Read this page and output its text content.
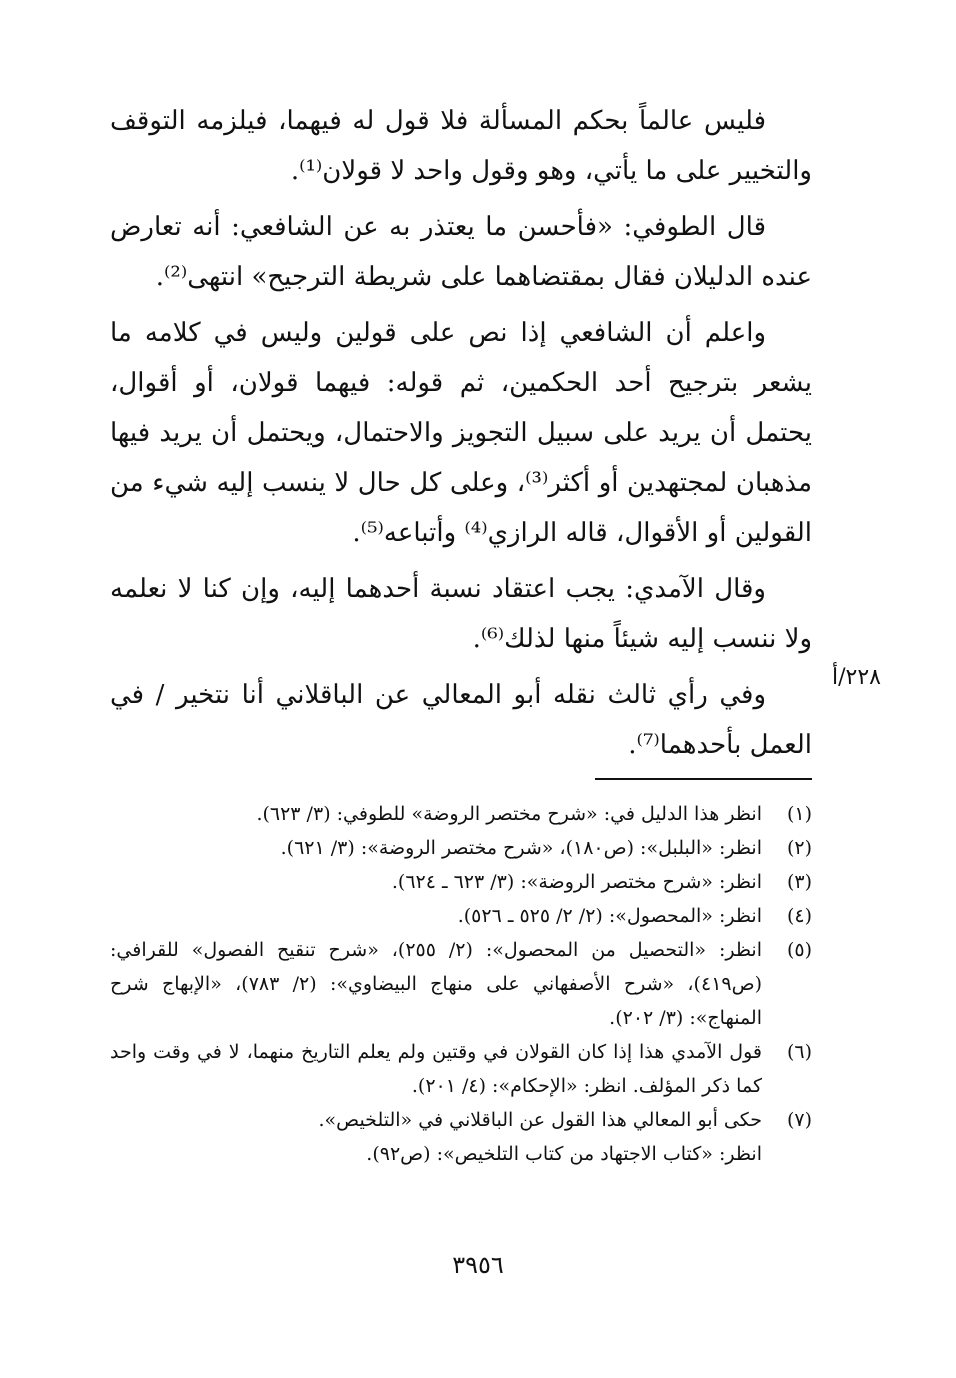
فليس عالماً بحكم المسألة فلا قول له فيهما، فيلزمه التوقف والتخيير على ما يأتي، وهو وقول واحد لا قولان⁽¹⁾.

قال الطوفي: «فأحسن ما يعتذر به عن الشافعي: أنه تعارض عنده الدليلان فقال بمقتضاهما على شريطة الترجيح» انتهى⁽²⁾.

واعلم أن الشافعي إذا نص على قولين وليس في كلامه ما يشعر بترجيح أحد الحكمين، ثم قوله: فيهما قولان، أو أقوال، يحتمل أن يريد على سبيل التجويز والاحتمال، ويحتمل أن يريد فيها مذهبان لمجتهدين أو أكثر⁽³⁾، وعلى كل حال لا ينسب إليه شيء من القولين أو الأقوال، قاله الرازي⁽⁴⁾ وأتباعه⁽⁵⁾.

وقال الآمدي: يجب اعتقاد نسبة أحدهما إليه، وإن كنا لا نعلمه ولا ننسب إليه شيئاً منها لذلك⁽⁶⁾.

وفي رأي ثالث نقله أبو المعالي عن الباقلاني أنا نتخير / في العمل بأحدهما⁽⁷⁾.

٢٢٨/أ
(١)
انظر هذا الدليل في: «شرح مختصر الروضة» للطوفي: (٣/ ٦٢٣).
(٢)
انظر: «البلبل»: (ص١٨٠)، «شرح مختصر الروضة»: (٣/ ٦٢١).
(٣)
انظر: «شرح مختصر الروضة»: (٣/ ٦٢٣ ـ ٦٢٤).
(٤)
انظر: «المحصول»: (٢/ ٢/ ٥٢٥ ـ ٥٢٦).
(٥)
انظر: «التحصيل من المحصول»: (٢/ ٢٥٥)، «شرح تنقيح الفصول» للقرافي: (ص٤١٩)، «شرح الأصفهاني على منهاج البيضاوي»: (٢/ ٧٨٣)، «الإبهاج شرح المنهاج»: (٣/ ٢٠٢).
(٦)
قول الآمدي هذا إذا كان القولان في وقتين ولم يعلم التاريخ منهما، لا في وقت واحد كما ذكر المؤلف. انظر: «الإحكام»: (٤/ ٢٠١).
(٧)
حكى أبو المعالي هذا القول عن الباقلاني في «التلخيص».
انظر: «كتاب الاجتهاد من كتاب التلخيص»: (ص٩٢).
٣٩٥٦
